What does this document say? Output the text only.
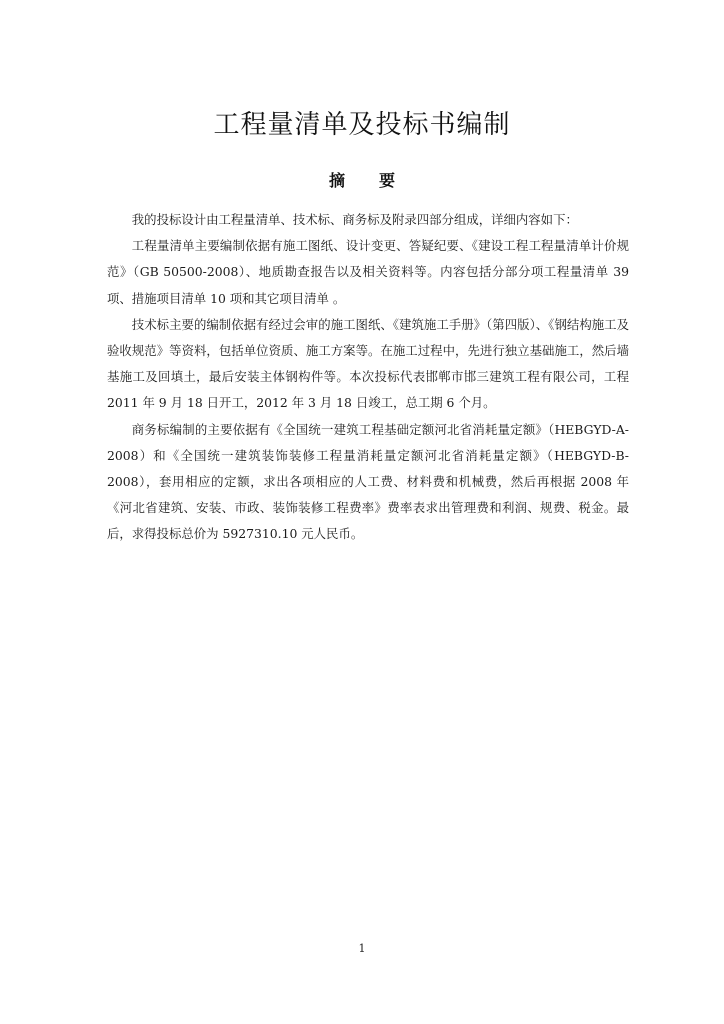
工程量清单及投标书编制
摘 要

我的投标设计由工程量清单、技术标、商务标及附录四部分组成，详细内容如下：

工程量清单主要编制依据有施工图纸、设计变更、答疑纪要、《建设工程工程量清单计价规范》（GB 50500-2008）、地质勘查报告以及相关资料等。内容包括分部分项工程量清单 39 项、措施项目清单 10 项和其它项目清单 。

技术标主要的编制依据有经过会审的施工图纸、《建筑施工手册》（第四版）、《钢结构施工及验收规范》等资料，包括单位资质、施工方案等。在施工过程中，先进行独立基础施工，然后墙基施工及回填土，最后安装主体钢构件等。本次投标代表邯郸市邯三建筑工程有限公司，工程 2011 年 9 月 18 日开工，2012 年 3 月 18 日竣工，总工期 6 个月。

商务标编制的主要依据有《全国统一建筑工程基础定额河北省消耗量定额》（HEBGYD-A-2008）和《全国统一建筑装饰装修工程量消耗量定额河北省消耗量定额》（HEBGYD-B-2008），套用相应的定额，求出各项相应的人工费、材料费和机械费，然后再根据 2008 年《河北省建筑、安装、市政、装饰装修工程费率》费率表求出管理费和利润、规费、税金。最后，求得投标总价为 5927310.10 元人民币。

1
